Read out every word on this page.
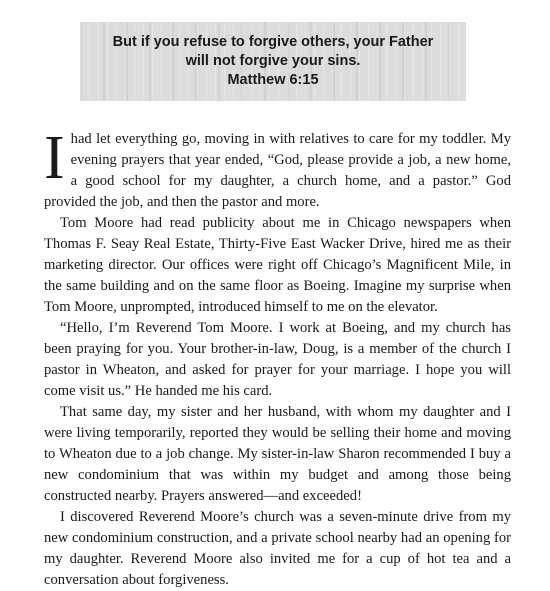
But if you refuse to forgive others, your Father
will not forgive your sins.
Matthew 6:15

Ihad let everything go, moving in with relatives to care for my toddler. My evening prayers that year ended, “God, please provide a job, a new home, a good school for my daughter, a church home, and a pastor.” God provided the job, and then the pastor and more.

Tom Moore had read publicity about me in Chicago newspapers when Thomas F. Seay Real Estate, Thirty-Five East Wacker Drive, hired me as their marketing director. Our offices were right off Chicago’s Magnificent Mile, in the same building and on the same floor as Boeing. Imagine my surprise when Tom Moore, unprompted, introduced himself to me on the elevator.

“Hello, I’m Reverend Tom Moore. I work at Boeing, and my church has been praying for you. Your brother-in-law, Doug, is a member of the church I pastor in Wheaton, and asked for prayer for your marriage. I hope you will come visit us.” He handed me his card.

That same day, my sister and her husband, with whom my daughter and I were living temporarily, reported they would be selling their home and moving to Wheaton due to a job change. My sister-in-law Sharon recommended I buy a new condominium that was within my budget and among those being constructed nearby. Prayers answered—and exceeded!

I discovered Reverend Moore’s church was a seven-minute drive from my new condominium construction, and a private school nearby had an opening for my daughter. Reverend Moore also invited me for a cup of hot tea and a conversation about forgiveness.
